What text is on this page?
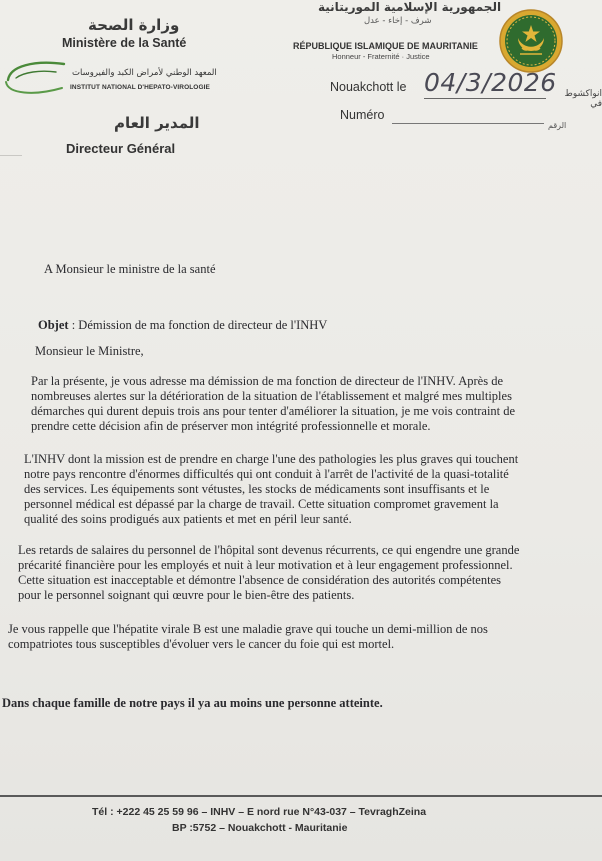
وزارة الصحة
Ministère de la Santé
المعهد الوطني لأمراض الكبد والفيروسات
INSTITUT NATIONAL D'HEPATO-VIROLOGIE
الجمهورية الإسلامية الموريتانية
شرف - إخاء - عدل
RÉPUBLIQUE ISLAMIQUE DE MAURITANIE
Honneur - Fraternité · Justice
Nouakchott le 04/3/2026 انواكشوط في
Numéro
الرقم
المدير العام
Directeur Général
A Monsieur le ministre de la santé
Objet : Démission de ma fonction de directeur de l'INHV
Monsieur le Ministre,

Par la présente, je vous adresse ma démission de ma fonction de directeur de l'INHV. Après de nombreuses alertes sur la détérioration de la situation de l'établissement et malgré mes multiples démarches qui durent depuis trois ans pour tenter d'améliorer la situation, je me vois contraint de prendre cette décision afin de préserver mon intégrité professionnelle et morale.

L'INHV dont la mission est de prendre en charge l'une des pathologies les plus graves qui touchent notre pays rencontre d'énormes difficultés qui ont conduit à l'arrêt de l'activité de la quasi-totalité des services. Les équipements sont vétustes, les stocks de médicaments sont insuffisants et le personnel médical est dépassé par la charge de travail. Cette situation compromet gravement la qualité des soins prodigués aux patients et met en péril leur santé.

Les retards de salaires du personnel de l'hôpital sont devenus récurrents, ce qui engendre une grande précarité financière pour les employés et nuit à leur motivation et à leur engagement professionnel. Cette situation est inacceptable et démontre l'absence de considération des autorités compétentes pour le personnel soignant qui œuvre pour le bien-être des patients.

Je vous rappelle que l'hépatite virale B est une maladie grave qui touche un demi-million de nos compatriotes tous susceptibles d'évoluer vers le cancer du foie qui est mortel.

Dans chaque famille de notre pays il ya au moins une personne atteinte.

Tél : +222 45 25 59 96 – INHV – E nord rue N°43-037 – TevraghZeina
BP :5752 – Nouakchott - Mauritanie
